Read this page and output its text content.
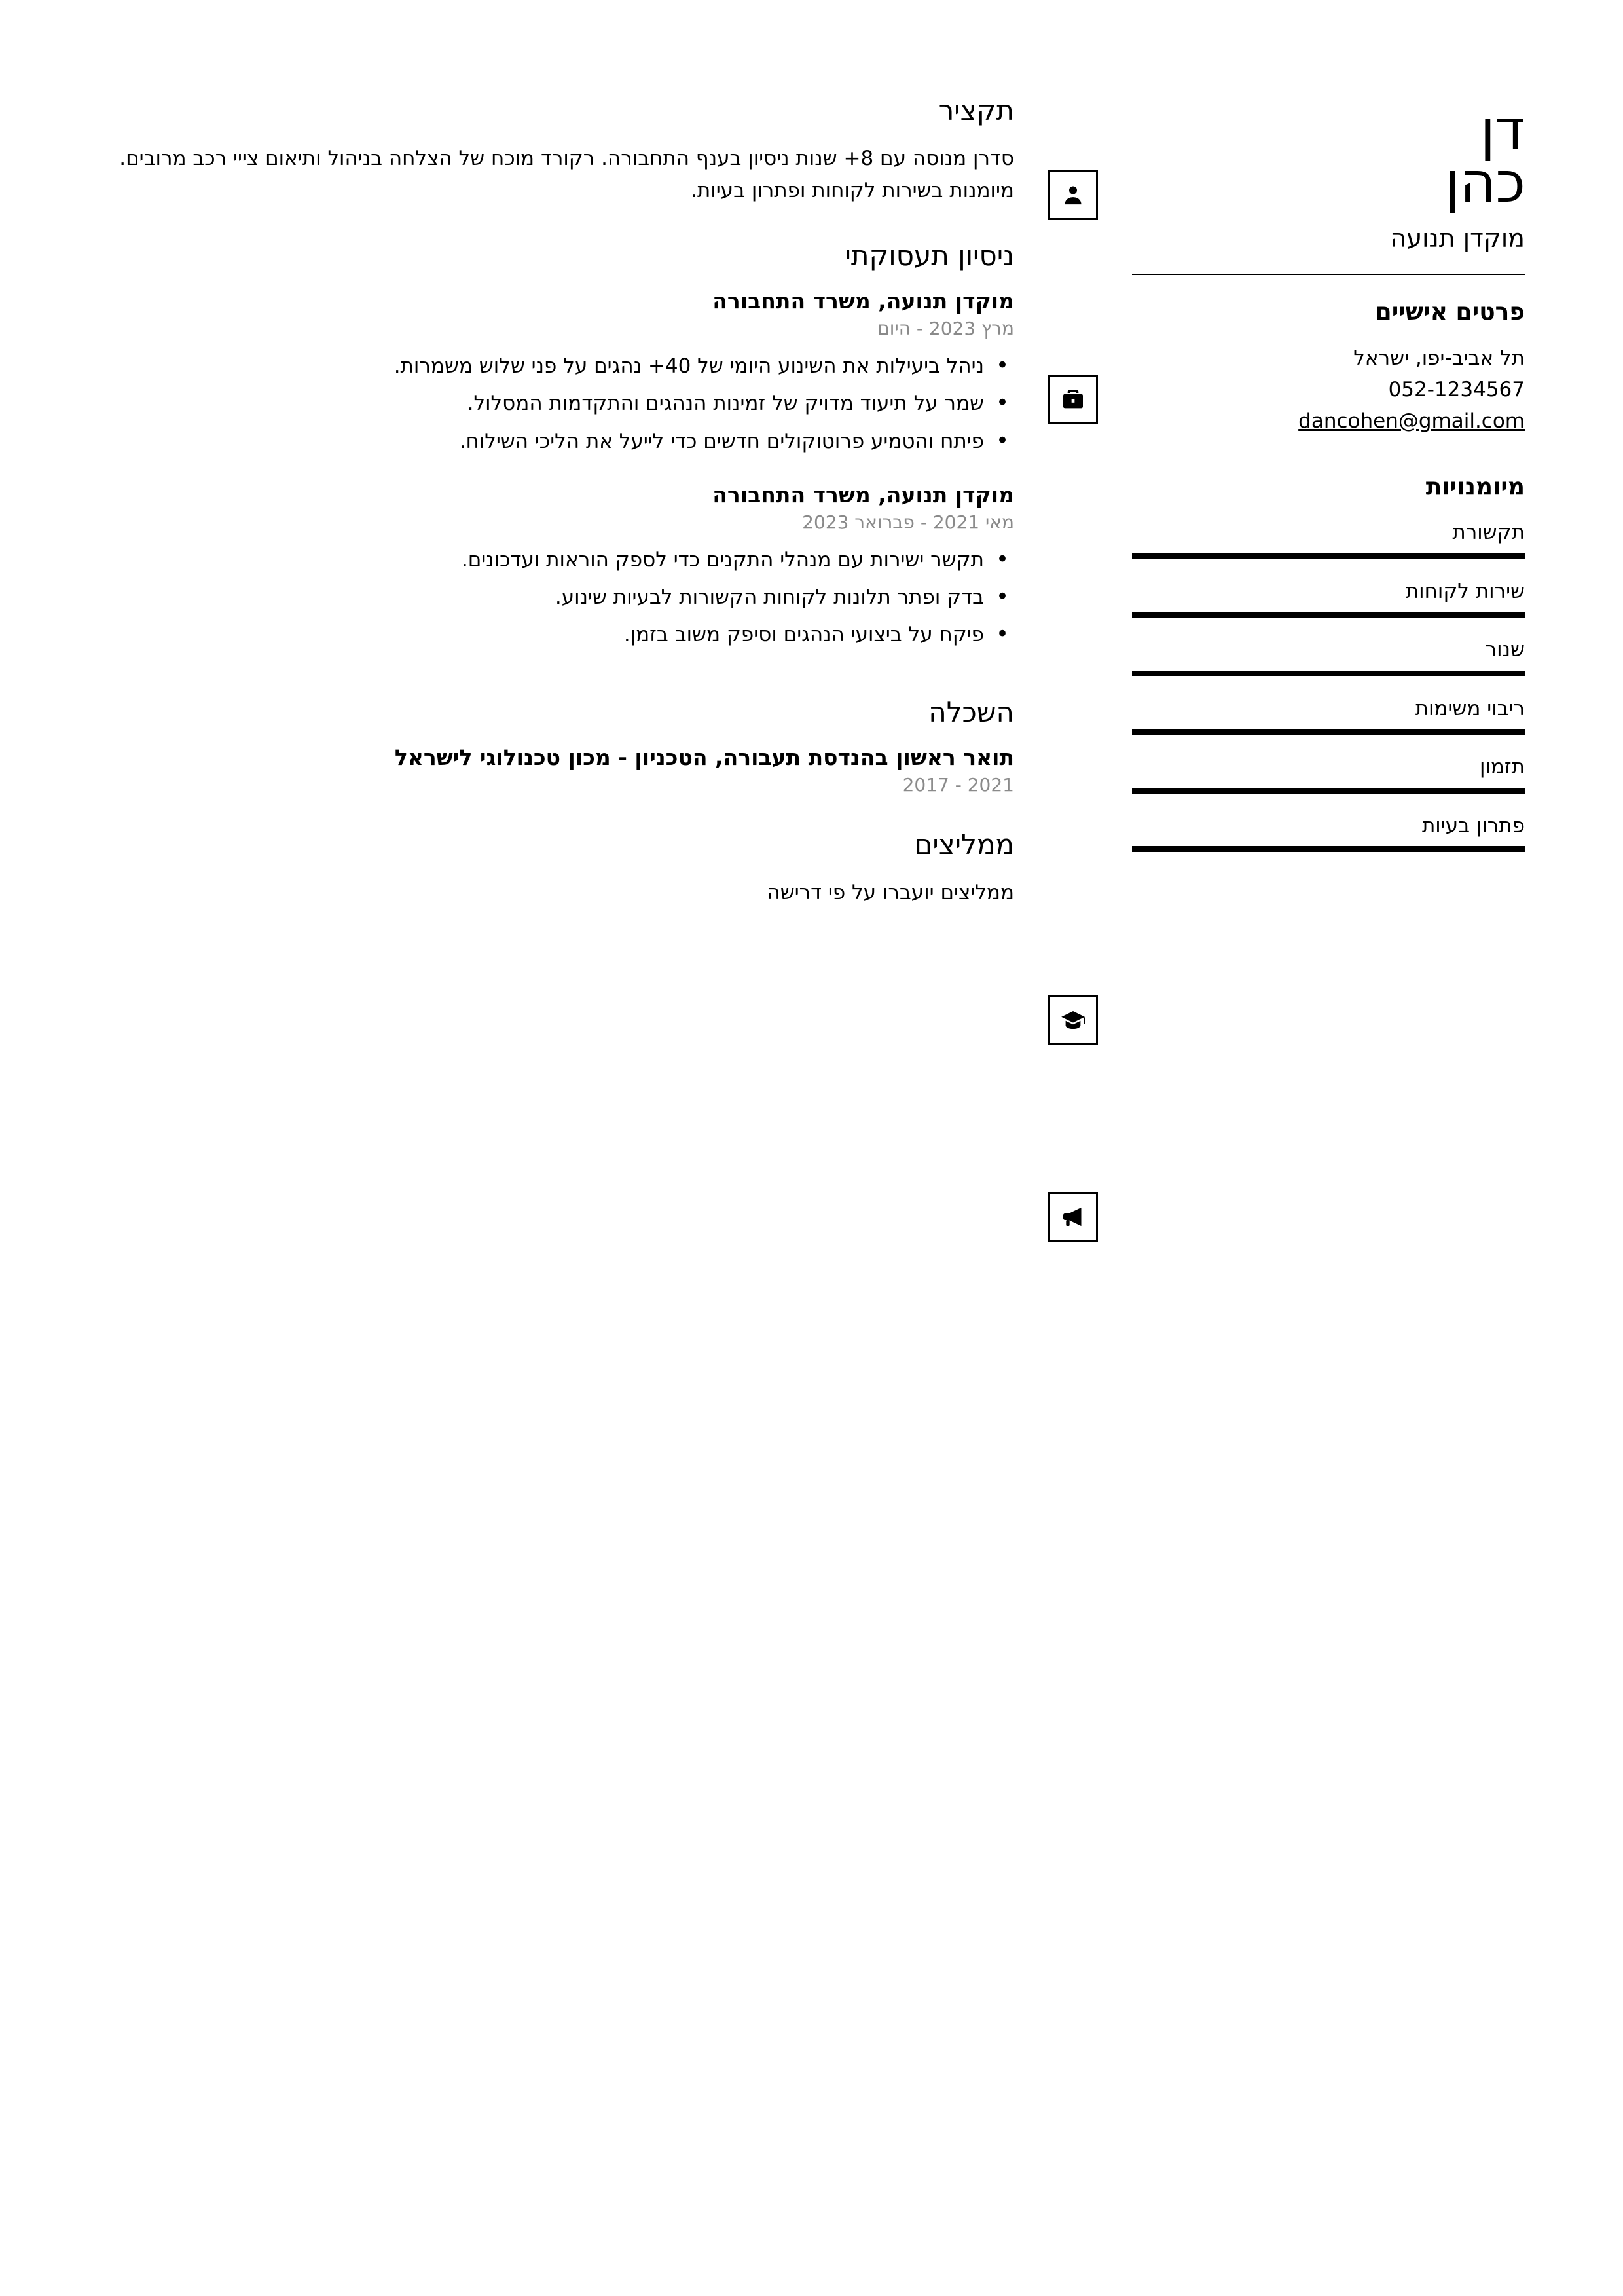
תקציר

סדרן מנוסה עם 8+ שנות ניסיון בענף התחבורה. רקורד מוכח של הצלחה בניהול ותיאום צייי רכב מרובים. מיומנות בשירות לקוחות ופתרון בעיות.

ניסיון תעסוקתי

מוקדן תנועה, משרד התחבורה

מרץ 2023 - היום

• ניהל ביעילות את השינוע היומי של 40+ נהגים על פני שלוש משמרות.
• שמר על תיעוד מדויק של זמינות הנהגים והתקדמות המסלול.
• פיתח והטמיע פרוטוקולים חדשים כדי לייעל את הליכי השילוח.

מוקדן תנועה, משרד התחבורה

מאי 2021 - פברואר 2023

• תקשר ישירות עם מנהלי התקנים כדי לספק הוראות ועדכונים.
• בדק ופתר תלונות לקוחות הקשורות לבעיות שינוע.
• פיקח על ביצועי הנהגים וסיפק משוב בזמן.
השכלה

תואר ראשון בהנדסת תעבורה, הטכניון - מכון טכנולוגי לישראל

2017 - 2021

ממליצים

ממליצים יועברו על פי דרישה

דן
כהן
מוקדן תנועה
פרטים אישיים
תל אביב-יפו, ישראל
052-1234567
dancohen@gmail.com
מיומנויות
תקשורת
שירות לקוחות
שנור
ריבוי משימות
תזמון
פתרון בעיות
